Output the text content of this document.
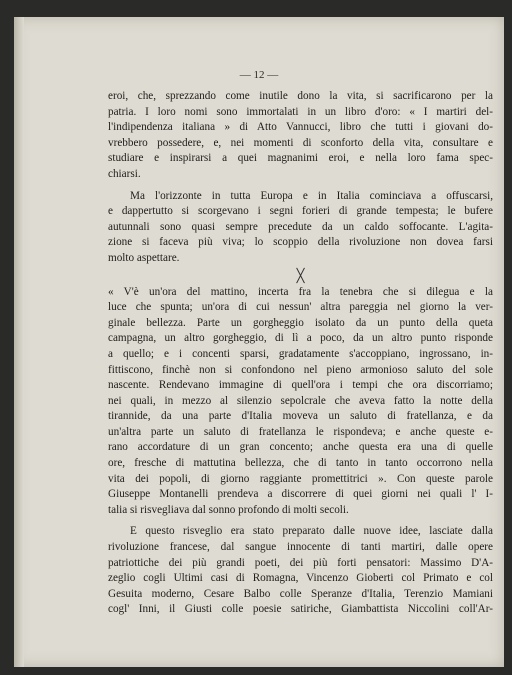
— 12 —
eroi, che, sprezzando come inutile dono la vita, si sacrificarono per la
patria. I loro nomi sono immortalati in un libro d'oro: « I martiri del-
l'indipendenza italiana » di Atto Vannucci, libro che tutti i giovani do-
vrebbero possedere, e, nei momenti di sconforto della vita, consultare e
studiare e inspirarsi a quei magnanimi eroi, e nella loro fama spec-
chiarsi.
Ma l'orizzonte in tutta Europa e in Italia cominciava a offuscarsi,
e dappertutto si scorgevano i segni forieri di grande tempesta; le bufere
autunnali sono quasi sempre precedute da un caldo soffocante. L'agita-
zione si faceva più viva; lo scoppio della rivoluzione non dovea farsi
molto aspettare.
╳
« V'è un'ora del mattino, incerta fra la tenebra che si dilegua e la
luce che spunta; un'ora di cui nessun' altra pareggia nel giorno la ver-
ginale bellezza. Parte un gorgheggio isolato da un punto della queta
campagna, un altro gorgheggio, di lì a poco, da un altro punto risponde
a quello; e i concenti sparsi, gradatamente s'accoppiano, ingrossano, in-
fittiscono, finchè non si confondono nel pieno armonioso saluto del sole
nascente. Rendevano immagine di quell'ora i tempi che ora discorriamo;
nei quali, in mezzo al silenzio sepolcrale che aveva fatto la notte della
tirannide, da una parte d'Italia moveva un saluto di fratellanza, e da
un'altra parte un saluto di fratellanza le rispondeva; e anche queste e-
rano accordature di un gran concento; anche questa era una di quelle
ore, fresche di mattutina bellezza, che di tanto in tanto occorrono nella
vita dei popoli, di giorno raggiante promettitrici ». Con queste parole
Giuseppe Montanelli prendeva a discorrere di quei giorni nei quali l' I-
talia si risvegliava dal sonno profondo di molti secoli.
E questo risveglio era stato preparato dalle nuove idee, lasciate dalla
rivoluzione francese, dal sangue innocente di tanti martiri, dalle opere
patriottiche dei più grandi poeti, dei più forti pensatori: Massimo D'A-
zeglio cogli Ultimi casi di Romagna, Vincenzo Gioberti col Primato e col
Gesuita moderno, Cesare Balbo colle Speranze d'Italia, Terenzio Mamiani
cogl' Inni, il Giusti colle poesie satiriche, Giambattista Niccolini coll'Ar-
